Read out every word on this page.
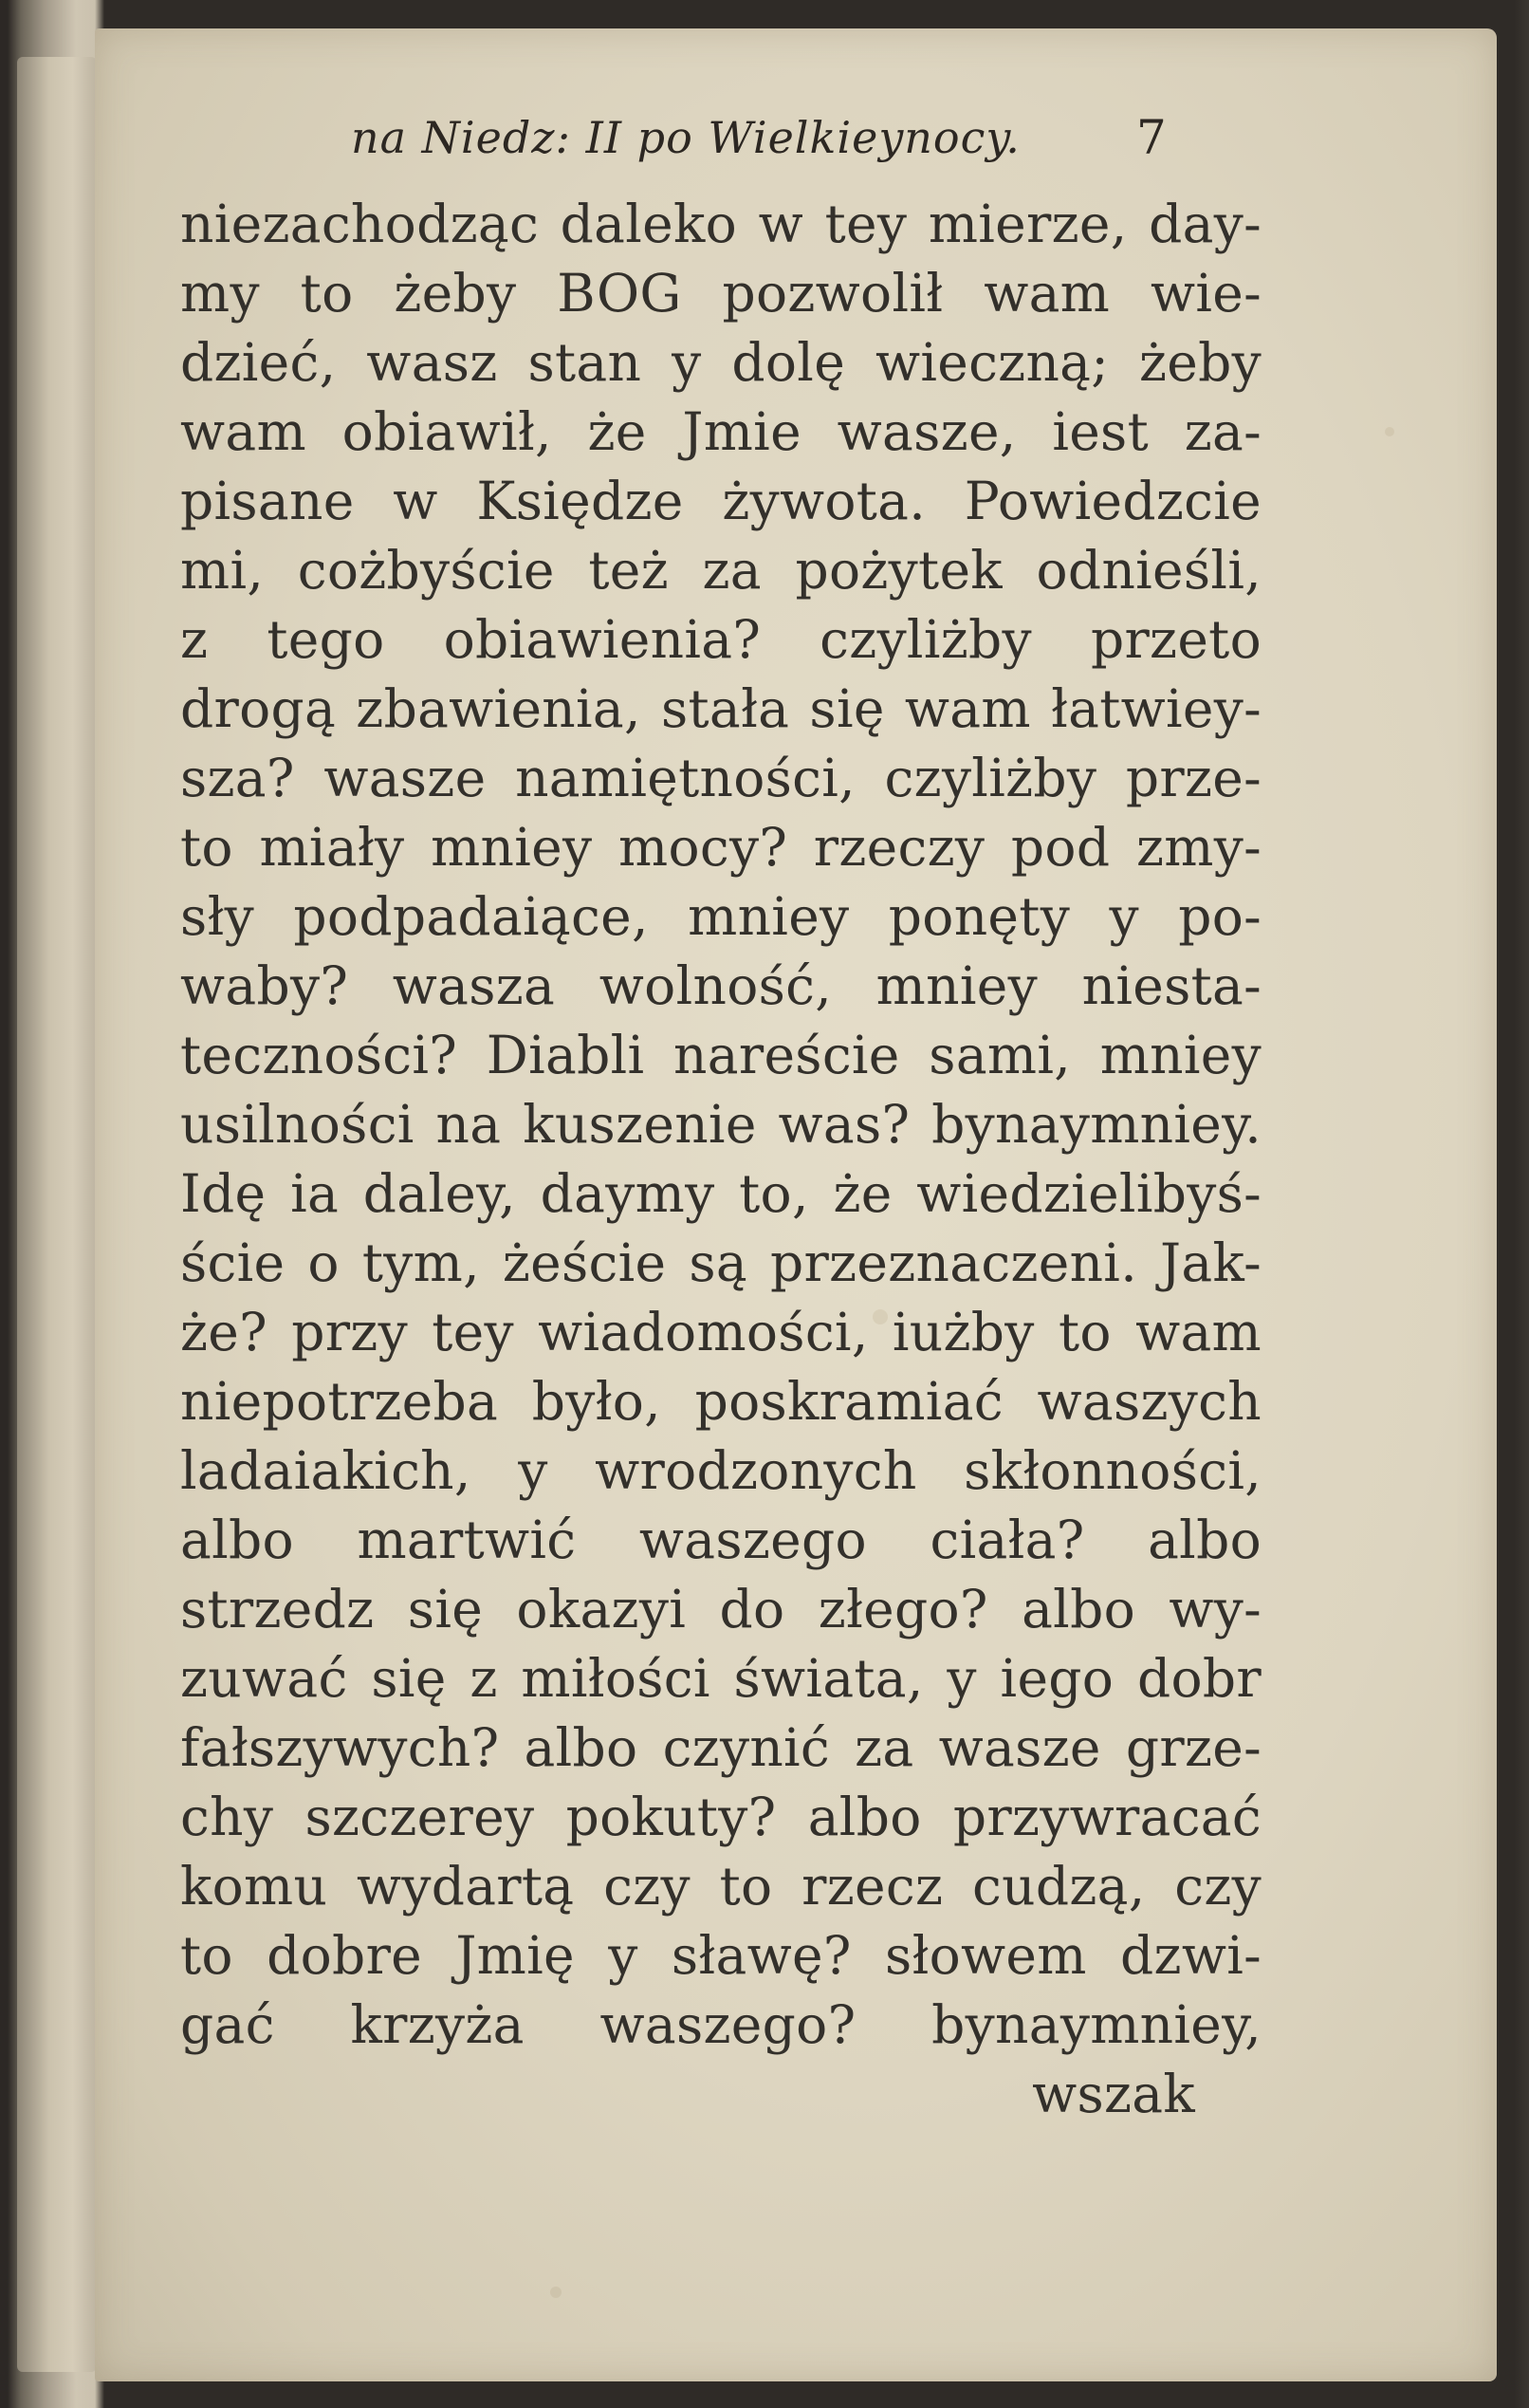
na Niedz: II po Wielkieynocy. 7
niezachodząc daleko w tey mierze, day-
my to żeby BOG pozwolił wam wie-
dzieć, wasz stan y dolę wieczną; żeby
wam obiawił, że Jmie wasze, iest za-
pisane w Księdze żywota. Powiedzcie
mi, cożbyście też za pożytek odnieśli,
z tego obiawienia? czyliżby przeto
drogą zbawienia, stała się wam łatwiey-
sza? wasze namiętności, czyliżby prze-
to miały mniey mocy? rzeczy pod zmy-
sły podpadaiące, mniey ponęty y po-
waby? wasza wolność, mniey niesta-
teczności? Diabli nareście sami, mniey
usilności na kuszenie was? bynaymniey.
Idę ia daley, daymy to, że wiedzielibyś-
ście o tym, żeście są przeznaczeni. Jak-
że? przy tey wiadomości, iużby to wam
niepotrzeba było, poskramiać waszych
ladaiakich, y wrodzonych skłonności,
albo martwić waszego ciała? albo
strzedz się okazyi do złego? albo wy-
zuwać się z miłości świata, y iego dobr
fałszywych? albo czynić za wasze grze-
chy szczerey pokuty? albo przywracać
komu wydartą czy to rzecz cudzą, czy
to dobre Jmię y sławę? słowem dzwi-
gać krzyża waszego? bynaymniey,
wszak
